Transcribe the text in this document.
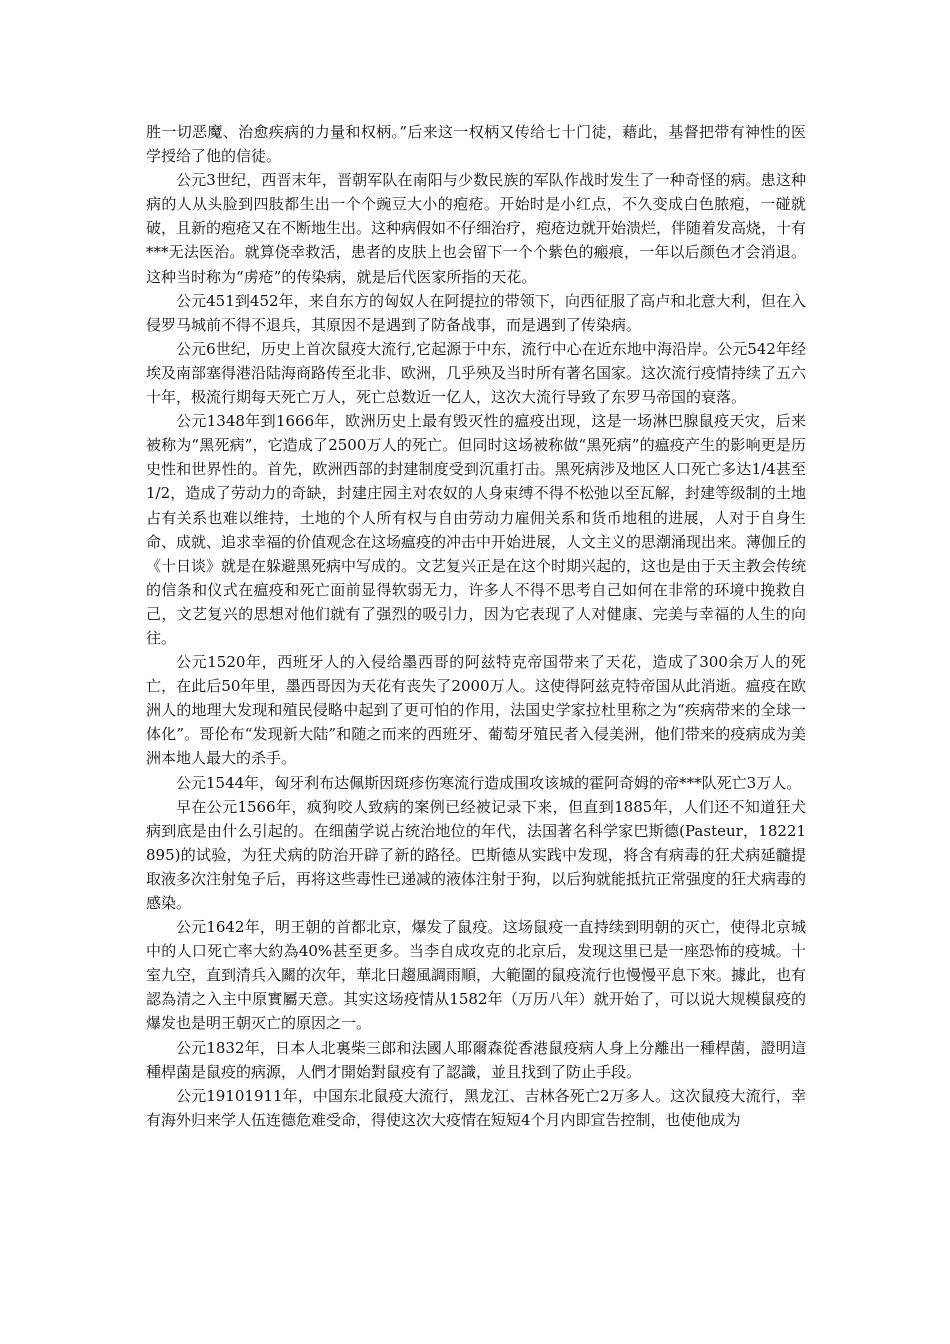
胜一切恶魔、治愈疾病的力量和权柄。”后来这一权柄又传给七十门徒，藉此，基督把带有神性的医学授给了他的信徒。

公元3世纪，西晋末年，晋朝军队在南阳与少数民族的军队作战时发生了一种奇怪的病。患这种病的人从头脸到四肢都生出一个个豌豆大小的疱疮。开始时是小红点，不久变成白色脓疱，一碰就破，且新的疱疮又在不断地生出。这种病假如不仔细治疗，疱疮边就开始溃烂，伴随着发高烧，十有***无法医治。就算侥幸救活，患者的皮肤上也会留下一个个紫色的瘢痕，一年以后颜色才会消退。这种当时称为“虏疮”的传染病，就是后代医家所指的天花。

公元451到452年，来自东方的匈奴人在阿提拉的带领下，向西征服了高卢和北意大利，但在入侵罗马城前不得不退兵，其原因不是遇到了防备战事，而是遇到了传染病。

公元6世纪，历史上首次鼠疫大流行,它起源于中东，流行中心在近东地中海沿岸。公元542年经埃及南部塞得港沿陆海商路传至北非、欧洲，几乎殃及当时所有著名国家。这次流行疫情持续了五六十年，极流行期每天死亡万人，死亡总数近一亿人，这次大流行导致了东罗马帝国的衰落。

公元1348年到1666年，欧洲历史上最有毁灭性的瘟疫出现，这是一场淋巴腺鼠疫天灾，后来被称为“黑死病”，它造成了2500万人的死亡。但同时这场被称做“黑死病”的瘟疫产生的影响更是历史性和世界性的。首先，欧洲西部的封建制度受到沉重打击。黑死病涉及地区人口死亡多达1/4甚至1/2，造成了劳动力的奇缺，封建庄园主对农奴的人身束缚不得不松弛以至瓦解，封建等级制的土地占有关系也难以维持，土地的个人所有权与自由劳动力雇佣关系和货币地租的进展，人对于自身生命、成就、追求幸福的价值观念在这场瘟疫的冲击中开始进展，人文主义的思潮涌现出来。薄伽丘的《十日谈》就是在躲避黑死病中写成的。文艺复兴正是在这个时期兴起的，这也是由于天主教会传统的信条和仪式在瘟疫和死亡面前显得软弱无力，许多人不得不思考自己如何在非常的环境中挽救自己，文艺复兴的思想对他们就有了强烈的吸引力，因为它表现了人对健康、完美与幸福的人生的向往。

公元1520年，西班牙人的入侵给墨西哥的阿兹特克帝国带来了天花，造成了300余万人的死亡，在此后50年里，墨西哥因为天花有丧失了2000万人。这使得阿兹克特帝国从此消逝。瘟疫在欧洲人的地理大发现和殖民侵略中起到了更可怕的作用，法国史学家拉杜里称之为“疾病带来的全球一体化”。哥伦布“发现新大陆”和随之而来的西班牙、葡萄牙殖民者入侵美洲，他们带来的疫病成为美洲本地人最大的杀手。

公元1544年，匈牙利布达佩斯因斑疹伤寒流行造成围攻该城的霍阿奇姆的帝***队死亡3万人。

早在公元1566年，疯狗咬人致病的案例已经被记录下来，但直到1885年，人们还不知道狂犬病到底是由什么引起的。在细菌学说占统治地位的年代，法国著名科学家巴斯德(Pasteur，18221895)的试验，为狂犬病的防治开辟了新的路径。巴斯德从实践中发现，将含有病毒的狂犬病延髓提取液多次注射兔子后，再将这些毒性已递减的液体注射于狗，以后狗就能抵抗正常强度的狂犬病毒的感染。

公元1642年，明王朝的首都北京，爆发了鼠疫。这场鼠疫一直持续到明朝的灭亡，使得北京城中的人口死亡率大約為40%甚至更多。当李自成攻克的北京后，发现这里已是一座恐怖的疫城。十室九空，直到清兵入關的次年，華北日趨風調雨順，大範圍的鼠疫流行也慢慢平息下來。據此，也有認為清之入主中原實屬天意。其实这场疫情从1582年（万历八年）就开始了，可以说大规模鼠疫的爆发也是明王朝灭亡的原因之一。

公元1832年，日本人北裏柴三郎和法國人耶爾森從香港鼠疫病人身上分離出一種桿菌，證明這種桿菌是鼠疫的病源，人們才開始對鼠疫有了認識，並且找到了防止手段。

公元19101911年，中国东北鼠疫大流行，黑龙江、吉林各死亡2万多人。这次鼠疫大流行，幸有海外归来学人伍连德危难受命，得使这次大疫情在短短4个月内即宣告控制，也使他成为
